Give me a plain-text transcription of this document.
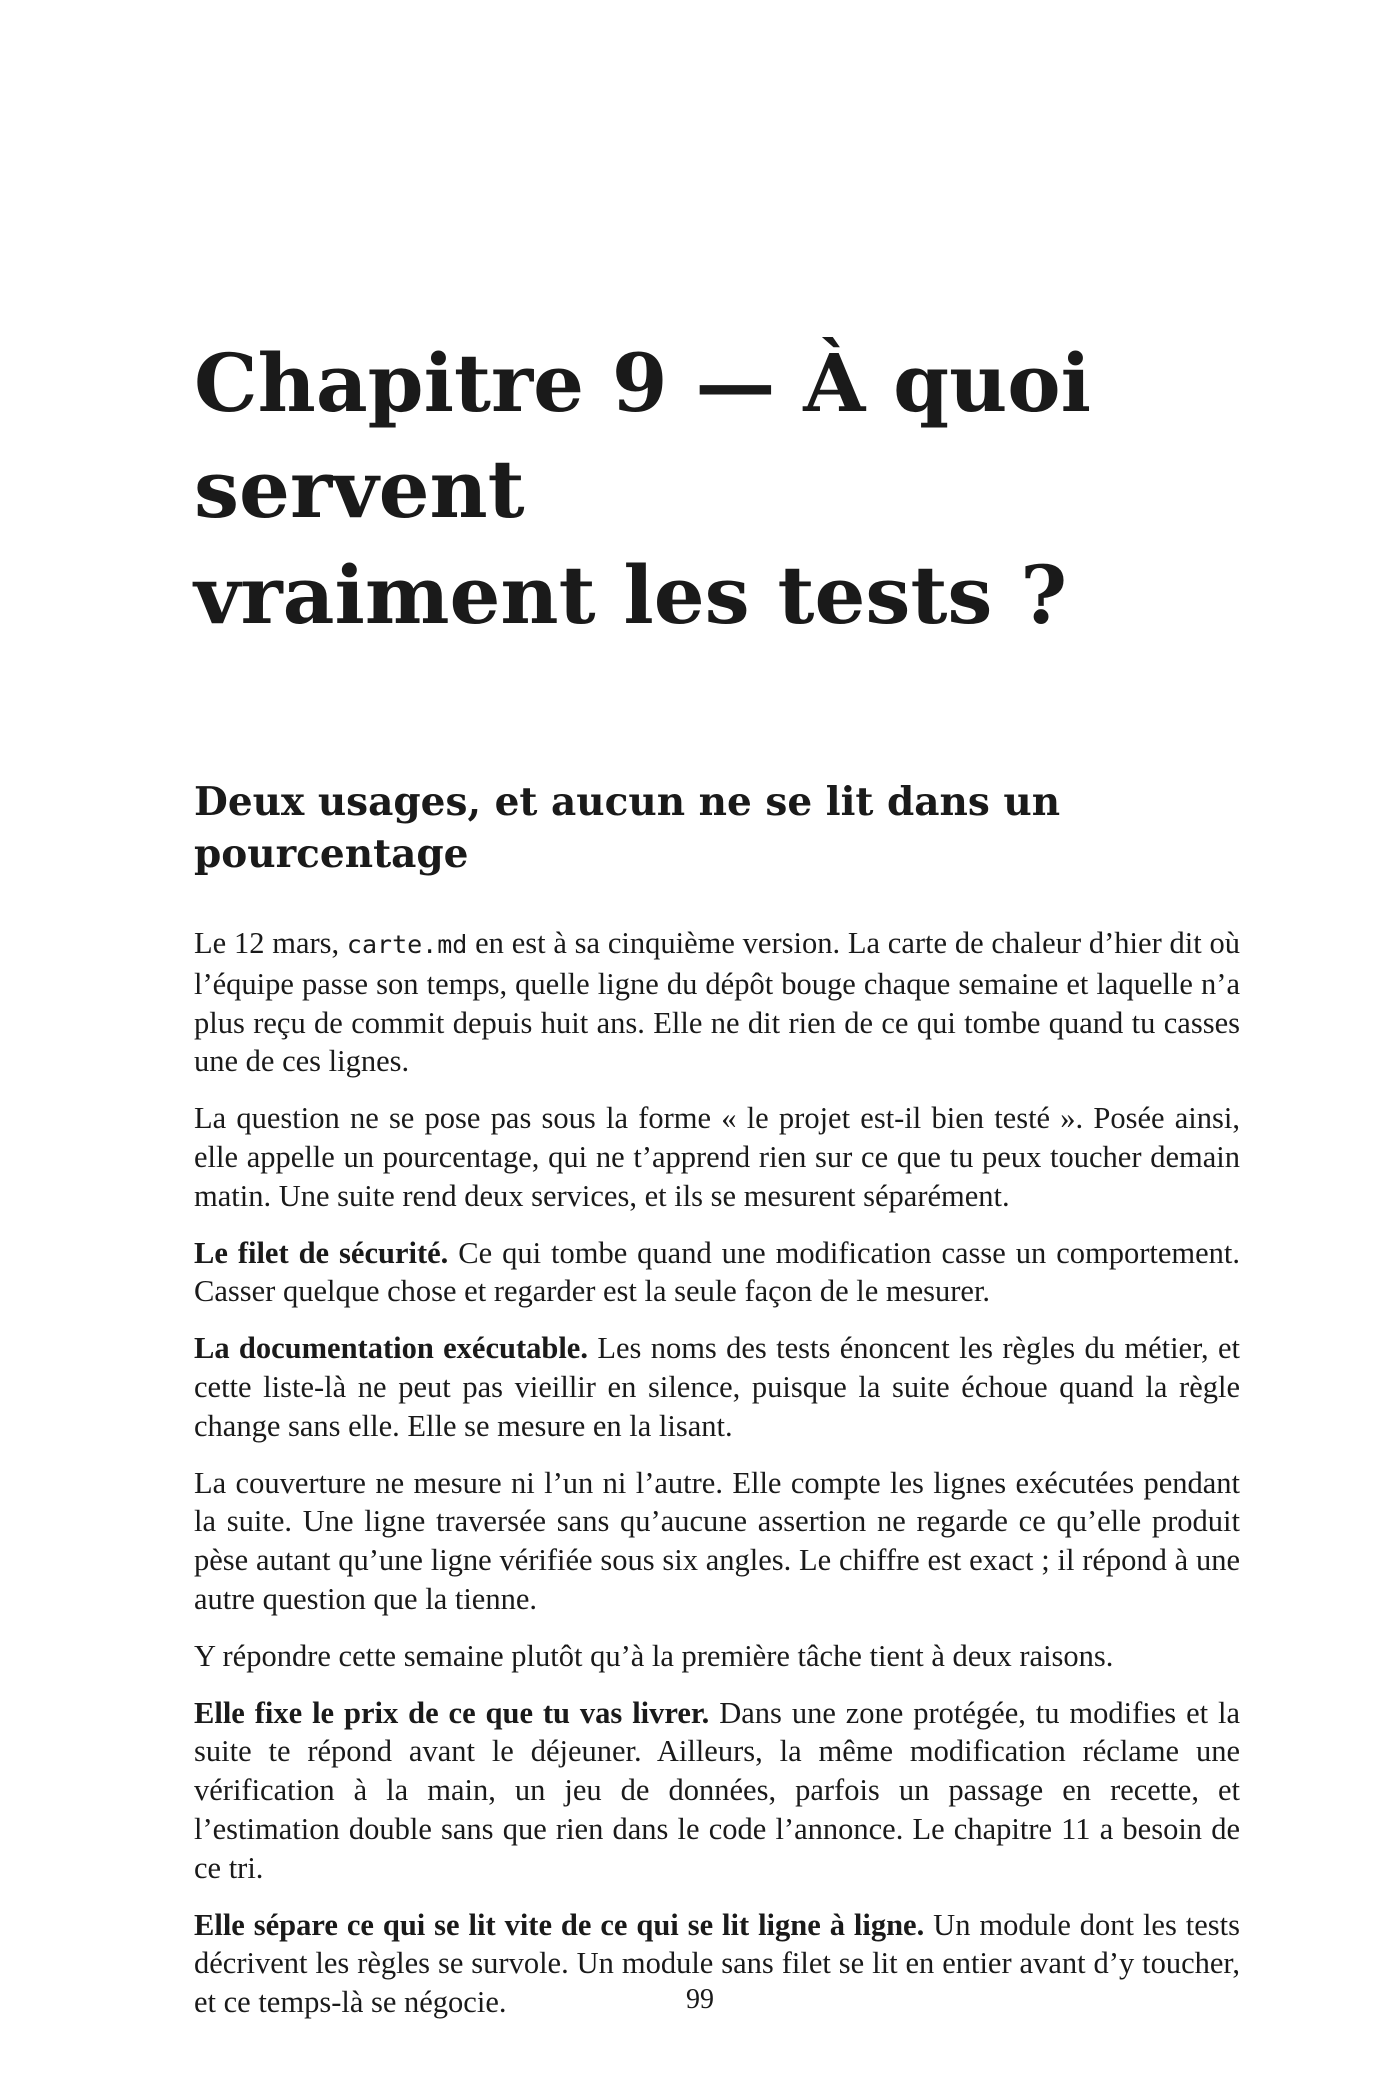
Chapitre 9 — À quoi servent
vraiment les tests ?
Deux usages, et aucun ne se lit dans un pourcentage

Le 12 mars, carte.md en est à sa cinquième version. La carte de chaleur d’hier dit où l’équipe passe son temps, quelle ligne du dépôt bouge chaque semaine et laquelle n’a plus reçu de commit depuis huit ans. Elle ne dit rien de ce qui tombe quand tu casses une de ces lignes.

La question ne se pose pas sous la forme « le projet est-il bien testé ». Posée ainsi, elle appelle un pourcentage, qui ne t’apprend rien sur ce que tu peux toucher demain matin. Une suite rend deux services, et ils se mesurent séparément.

Le filet de sécurité. Ce qui tombe quand une modification casse un comportement. Casser quelque chose et regarder est la seule façon de le mesurer.

La documentation exécutable. Les noms des tests énoncent les règles du métier, et cette liste-là ne peut pas vieillir en silence, puisque la suite échoue quand la règle change sans elle. Elle se mesure en la lisant.

La couverture ne mesure ni l’un ni l’autre. Elle compte les lignes exécutées pendant la suite. Une ligne traversée sans qu’aucune assertion ne regarde ce qu’elle produit pèse autant qu’une ligne vérifiée sous six angles. Le chiffre est exact ; il répond à une autre question que la tienne.

Y répondre cette semaine plutôt qu’à la première tâche tient à deux raisons.

Elle fixe le prix de ce que tu vas livrer. Dans une zone protégée, tu modifies et la suite te répond avant le déjeuner. Ailleurs, la même modification réclame une vérification à la main, un jeu de données, parfois un passage en recette, et l’estimation double sans que rien dans le code l’annonce. Le chapitre 11 a besoin de ce tri.

Elle sépare ce qui se lit vite de ce qui se lit ligne à ligne. Un module dont les tests décrivent les règles se survole. Un module sans filet se lit en entier avant d’y toucher, et ce temps-là se négocie.	99
